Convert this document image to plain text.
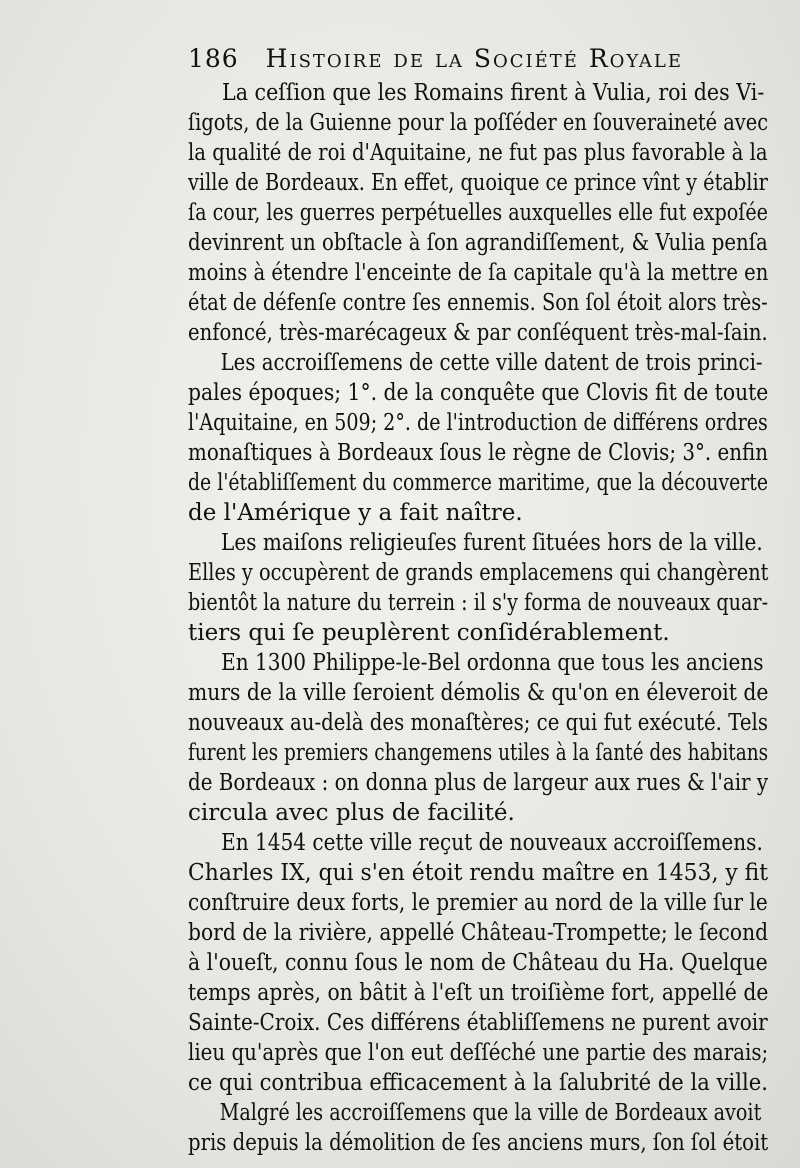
186 Histoire de la Société Royale
La ceſſion que les Romains firent à Vulia, roi des Vi-
ſigots, de la Guienne pour la poſſéder en ſouveraineté avec
la qualité de roi d'Aquitaine, ne fut pas plus favorable à la
ville de Bordeaux. En effet, quoique ce prince vînt y établir
ſa cour, les guerres perpétuelles auxquelles elle fut expoſée
devinrent un obſtacle à ſon agrandiſſement, & Vulia penſa
moins à étendre l'enceinte de ſa capitale qu'à la mettre en
état de défenſe contre ſes ennemis. Son ſol étoit alors très-
enfoncé, très-marécageux & par conſéquent très-mal-ſain.
Les accroiſſemens de cette ville datent de trois princi-
pales époques; 1°. de la conquête que Clovis fit de toute
l'Aquitaine, en 509; 2°. de l'introduction de différens ordres
monaſtiques à Bordeaux ſous le règne de Clovis; 3°. enfin
de l'établiſſement du commerce maritime, que la découverte
de l'Amérique y a fait naître.
Les maiſons religieuſes furent ſituées hors de la ville.
Elles y occupèrent de grands emplacemens qui changèrent
bientôt la nature du terrein : il s'y forma de nouveaux quar-
tiers qui ſe peuplèrent conſidérablement.
En 1300 Philippe-le-Bel ordonna que tous les anciens
murs de la ville ſeroient démolis & qu'on en éleveroit de
nouveaux au-delà des monaſtères; ce qui fut exécuté. Tels
furent les premiers changemens utiles à la ſanté des habitans
de Bordeaux : on donna plus de largeur aux rues & l'air y
circula avec plus de facilité.
En 1454 cette ville reçut de nouveaux accroiſſemens.
Charles IX, qui s'en étoit rendu maître en 1453, y fit
conſtruire deux forts, le premier au nord de la ville ſur le
bord de la rivière, appellé Château-Trompette; le ſecond
à l'oueſt, connu ſous le nom de Château du Ha. Quelque
temps après, on bâtit à l'eſt un troiſième fort, appellé de
Sainte-Croix. Ces différens établiſſemens ne purent avoir
lieu qu'après que l'on eut deſſéché une partie des marais;
ce qui contribua efficacement à la ſalubrité de la ville.
Malgré les accroiſſemens que la ville de Bordeaux avoit
pris depuis la démolition de ſes anciens murs, ſon ſol étoit
